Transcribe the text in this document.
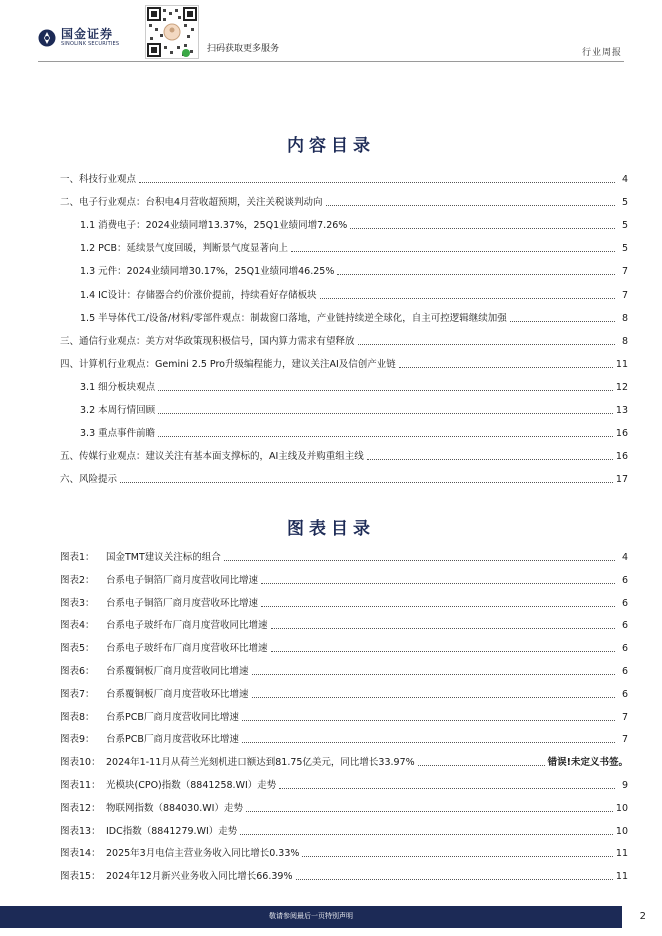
国金证券
SINOLINK SECURITIES	扫码获取更多服务	行业周报
内容目录
一、科技行业观点	4
二、电子行业观点：台积电4月营收超预期，关注关税谈判动向	5
1.1 消费电子：2024业绩同增13.37%，25Q1业绩同增7.26%	5
1.2 PCB：延续景气度回暖，判断景气度显著向上	5
1.3 元件：2024业绩同增30.17%，25Q1业绩同增46.25%	7
1.4 IC设计：存储器合约价涨价提前，持续看好存储板块	7
1.5 半导体代工/设备/材料/零部件观点：制裁窗口落地，产业链持续逆全球化，自主可控逻辑继续加强	8
三、通信行业观点：美方对华政策现积极信号，国内算力需求有望释放	8
四、计算机行业观点：Gemini 2.5 Pro升级编程能力，建议关注AI及信创产业链	11
3.1 细分板块观点	12
3.2 本周行情回顾	13
3.3 重点事件前瞻	16
五、传媒行业观点：建议关注有基本面支撑标的，AI主线及并购重组主线	16
六、风险提示	17
图表目录
图表1： 国金TMT建议关注标的组合	4
图表2： 台系电子铜箔厂商月度营收同比增速	6
图表3： 台系电子铜箔厂商月度营收环比增速	6
图表4： 台系电子玻纤布厂商月度营收同比增速	6
图表5： 台系电子玻纤布厂商月度营收环比增速	6
图表6： 台系覆铜板厂商月度营收同比增速	6
图表7： 台系覆铜板厂商月度营收环比增速	6
图表8： 台系PCB厂商月度营收同比增速	7
图表9： 台系PCB厂商月度营收环比增速	7
图表10： 2024年1-11月从荷兰光刻机进口额达到81.75亿美元，同比增长33.97%	错误!未定义书签。
图表11： 光模块(CPO)指数（8841258.WI）走势	9
图表12： 物联网指数（884030.WI）走势	10
图表13： IDC指数（8841279.WI）走势	10
图表14： 2025年3月电信主营业务收入同比增长0.33%	11
图表15： 2024年12月新兴业务收入同比增长66.39%	11
敬请参阅最后一页特别声明	2
